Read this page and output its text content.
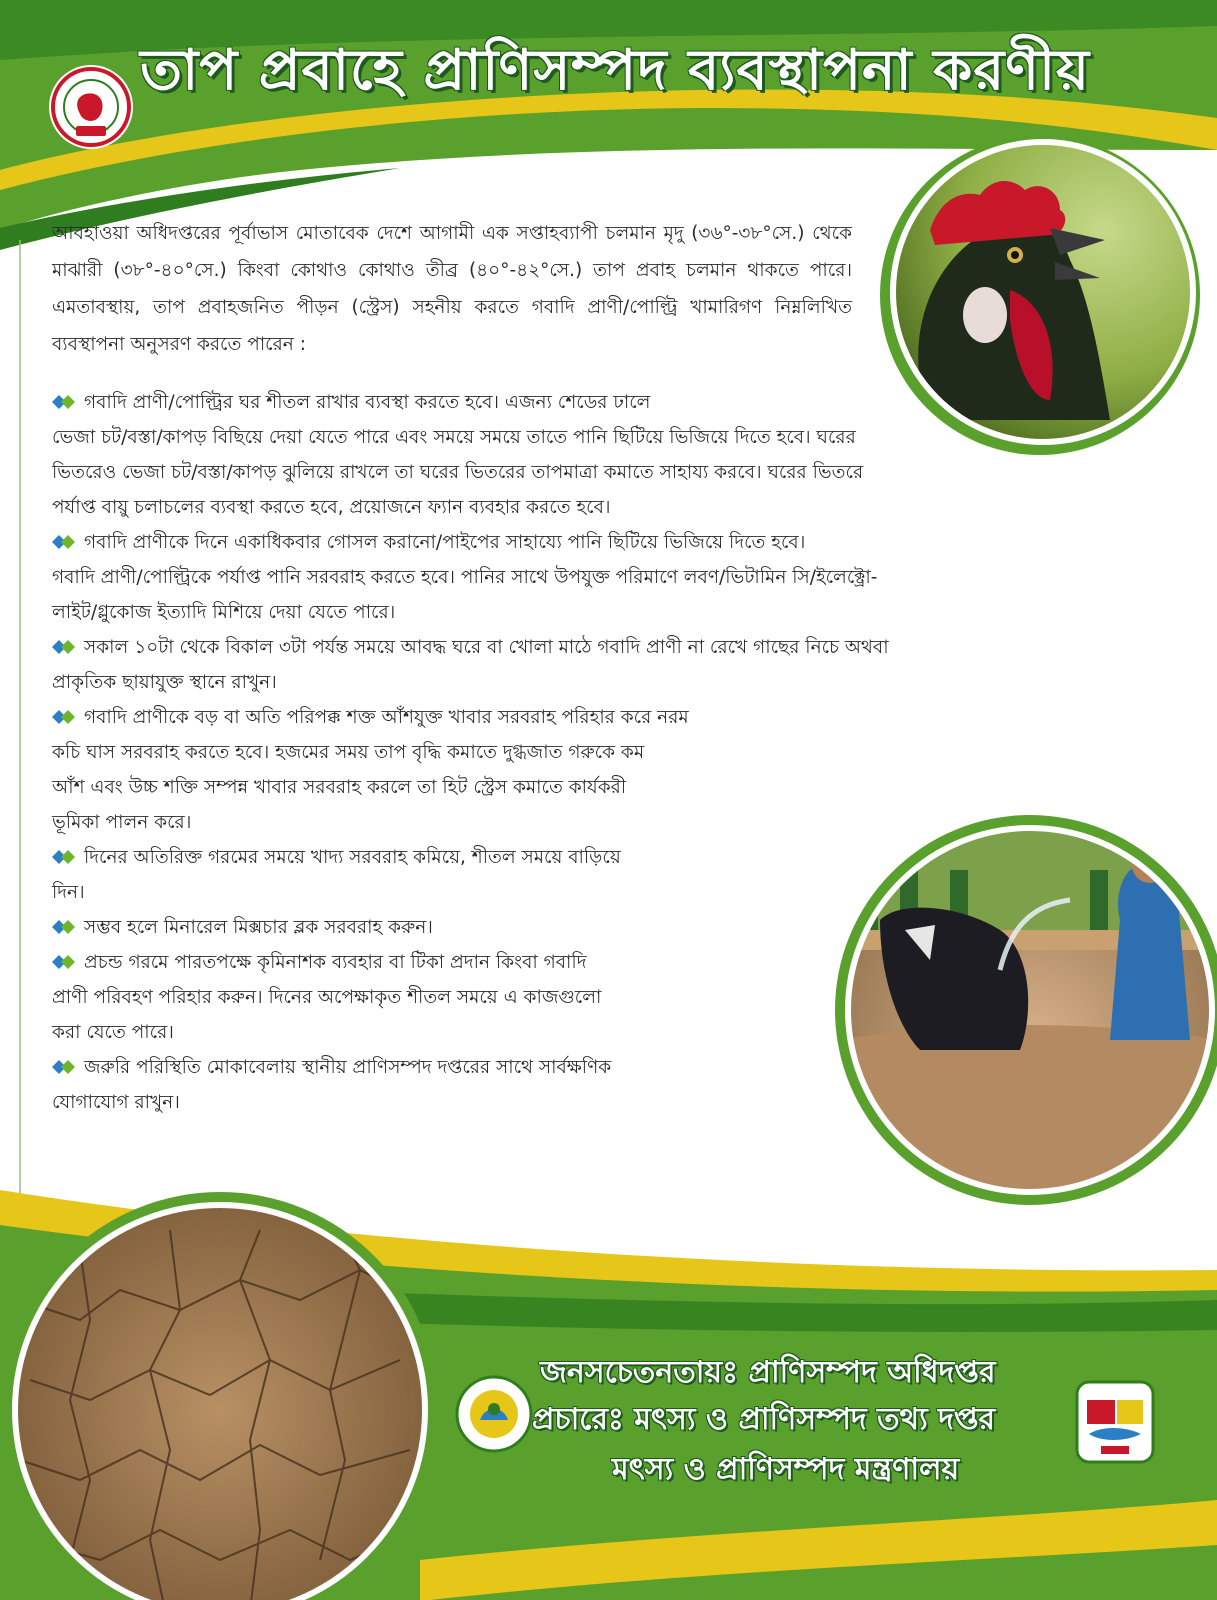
তাপ প্রবাহে প্রাণিসম্পদ ব্যবস্থাপনা করণীয়
আবহাওয়া অধিদপ্তরের পূর্বাভাস মোতাবেক দেশে আগামী এক সপ্তাহব্যাপী চলমান মৃদু (৩৬°-৩৮°সে.) থেকে মাঝারী (৩৮°-৪০°সে.) কিংবা কোথাও কোথাও তীব্র (৪০°-৪২°সে.) তাপ প্রবাহ চলমান থাকতে পারে। এমতাবস্থায়, তাপ প্রবাহজনিত পীড়ন (স্ট্রেস) সহনীয় করতে গবাদি প্রাণী/পোল্ট্রি খামারিগণ নিম্নলিখিত ব্যবস্থাপনা অনুসরণ করতে পারেন :
গবাদি প্রাণী/পোল্ট্রির ঘর শীতল রাখার ব্যবস্থা করতে হবে। এজন্য শেডের ঢালে
ভেজা চট/বস্তা/কাপড় বিছিয়ে দেয়া যেতে পারে এবং সময়ে সময়ে তাতে পানি ছিটিয়ে ভিজিয়ে দিতে হবে। ঘরের
ভিতরেও ভেজা চট/বস্তা/কাপড় ঝুলিয়ে রাখলে তা ঘরের ভিতরের তাপমাত্রা কমাতে সাহায্য করবে। ঘরের ভিতরে
পর্যাপ্ত বায়ু চলাচলের ব্যবস্থা করতে হবে, প্রয়োজনে ফ্যান ব্যবহার করতে হবে।
গবাদি প্রাণীকে দিনে একাধিকবার গোসল করানো/পাইপের সাহায্যে পানি ছিটিয়ে ভিজিয়ে দিতে হবে।
গবাদি প্রাণী/পোল্ট্রিকে পর্যাপ্ত পানি সরবরাহ করতে হবে। পানির সাথে উপযুক্ত পরিমাণে লবণ/ভিটামিন সি/ইলেক্ট্রো-
লাইট/গ্লুকোজ ইত্যাদি মিশিয়ে দেয়া যেতে পারে।
সকাল ১০টা থেকে বিকাল ৩টা পর্যন্ত সময়ে আবদ্ধ ঘরে বা খোলা মাঠে গবাদি প্রাণী না রেখে গাছের নিচে অথবা
প্রাকৃতিক ছায়াযুক্ত স্থানে রাখুন।
গবাদি প্রাণীকে বড় বা অতি পরিপক্ক শক্ত আঁশযুক্ত খাবার সরবরাহ পরিহার করে নরম
কচি ঘাস সরবরাহ করতে হবে। হজমের সময় তাপ বৃদ্ধি কমাতে দুগ্ধজাত গরুকে কম
আঁশ এবং উচ্চ শক্তি সম্পন্ন খাবার সরবরাহ করলে তা হিট স্ট্রেস কমাতে কার্যকরী
ভূমিকা পালন করে।
দিনের অতিরিক্ত গরমের সময়ে খাদ্য সরবরাহ কমিয়ে, শীতল সময়ে বাড়িয়ে
দিন।
সম্ভব হলে মিনারেল মিক্সচার ব্লক সরবরাহ করুন।
প্রচন্ড গরমে পারতপক্ষে কৃমিনাশক ব্যবহার বা টিকা প্রদান কিংবা গবাদি
প্রাণী পরিবহণ পরিহার করুন। দিনের অপেক্ষাকৃত শীতল সময়ে এ কাজগুলো
করা যেতে পারে।
জরুরি পরিস্থিতি মোকাবেলায় স্থানীয় প্রাণিসম্পদ দপ্তরের সাথে সার্বক্ষণিক
যোগাযোগ রাখুন।
জনসচেতনতায়ঃ প্রাণিসম্পদ অধিদপ্তর
প্রচারেঃ মৎস্য ও প্রাণিসম্পদ তথ্য দপ্তর
মৎস্য ও প্রাণিসম্পদ মন্ত্রণালয়
